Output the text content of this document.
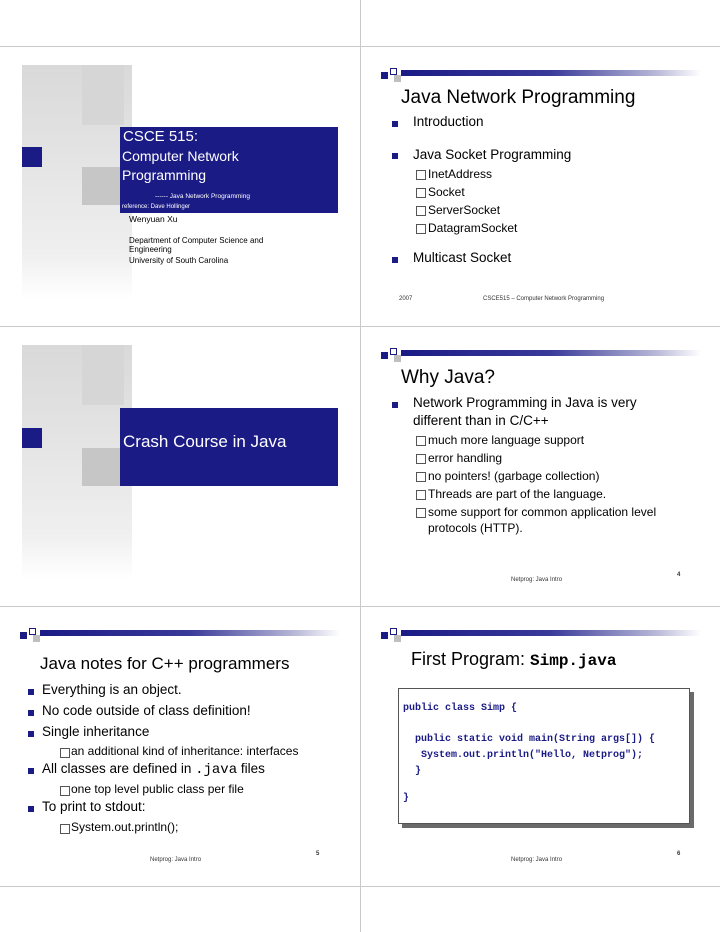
CSCE 515:
Computer Network
Programming
------ Java Network Programming
reference: Dave Hollinger
Wenyuan Xu
Department of Computer Science and
Engineering
University of South Carolina
Java Network Programming
Introduction
Java Socket Programming
InetAddress
Socket
ServerSocket
DatagramSocket
Multicast Socket
2007	CSCE515 – Computer Network Programming
Crash Course in Java
Why Java?
Network Programming in Java is very
different than in C/C++
much more language support
error handling
no pointers! (garbage collection)
Threads are part of the language.
some support for common application level
protocols (HTTP).
4
Netprog: Java Intro
Java notes for C++ programmers
Everything is an object.
No code outside of class definition!
Single inheritance
an additional kind of inheritance: interfaces
All classes are defined in .java files
one top level public class per file
To print to stdout:
System.out.println();
5
Netprog: Java Intro
First Program: Simp.java
public class Simp {
public static void main(String args[]) {
System.out.println("Hello, Netprog");
}
}
6
Netprog: Java Intro
